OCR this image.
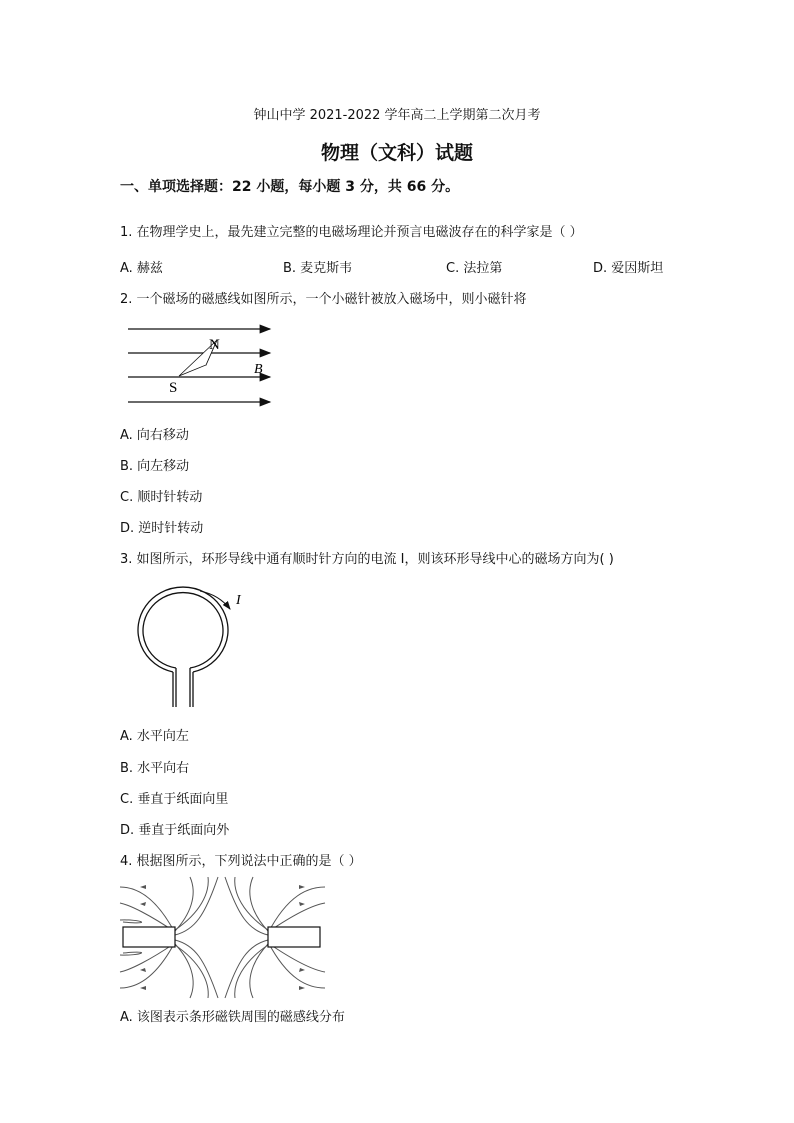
钟山中学 2021-2022 学年高二上学期第二次月考
物理（文科）试题
一、单项选择题：22 小题，每小题 3 分，共 66 分。
1. 在物理学史上，最先建立完整的电磁场理论并预言电磁波存在的科学家是（ ）
A. 赫兹	B. 麦克斯韦	C. 法拉第	D. 爱因斯坦
2. 一个磁场的磁感线如图所示，一个小磁针被放入磁场中，则小磁针将
N
S
B
A. 向右移动
B. 向左移动
C. 顺时针转动
D. 逆时针转动
3. 如图所示，环形导线中通有顺时针方向的电流 I，则该环形导线中心的磁场方向为( )
I
A. 水平向左
B. 水平向右
C. 垂直于纸面向里
D. 垂直于纸面向外
4. 根据图所示，下列说法中正确的是（ ）
A. 该图表示条形磁铁周围的磁感线分布
